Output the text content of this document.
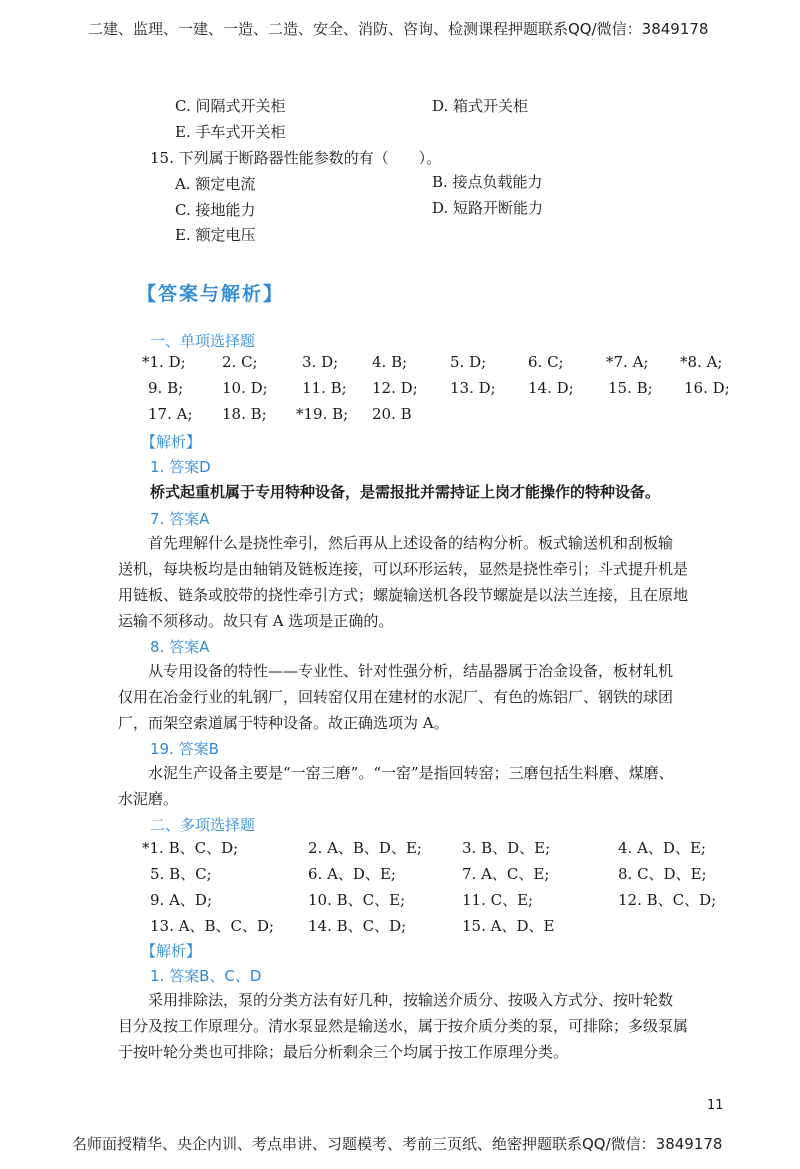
二建、监理、一建、一造、二造、安全、消防、咨询、检测课程押题联系QQ/微信：3849178
C. 间隔式开关柜	D. 箱式开关柜
E. 手车式开关柜
15. 下列属于断路器性能参数的有（　　）。
A. 额定电流	B. 接点负载能力
C. 接地能力	D. 短路开断能力
E. 额定电压
【答案与解析】
一、单项选择题
*1. D; 2. C;	3. D; 4. B;	5. D;	6. C;	*7. A; *8. A;
9. B;	10. D; 11. B; 12. D; 13. D; 14. D; 15. B; 16. D;
17. A; 18. B; *19. B; 20. B
【解析】
1. 答案D
桥式起重机属于专用特种设备，是需报批并需持证上岗才能操作的特种设备。
7. 答案A
首先理解什么是挠性牵引，然后再从上述设备的结构分析。板式输送机和刮板输
送机，每块板均是由轴销及链板连接，可以环形运转，显然是挠性牵引；斗式提升机是
用链板、链条或胶带的挠性牵引方式；螺旋输送机各段节螺旋是以法兰连接，且在原地
运输不须移动。故只有 A 选项是正确的。
8. 答案A
从专用设备的特性——专业性、针对性强分析，结晶器属于冶金设备，板材轧机
仅用在冶金行业的轧钢厂，回转窑仅用在建材的水泥厂、有色的炼铝厂、钢铁的球团
厂，而架空索道属于特种设备。故正确选项为 A。
19. 答案B
水泥生产设备主要是“一窑三磨”。“一窑”是指回转窑；三磨包括生料磨、煤磨、
水泥磨。
二、多项选择题
*1. B、C、D;	2. A、B、D、E;	3. B、D、E;	4. A、D、E;
5. B、C;	6. A、D、E;	7. A、C、E;	8. C、D、E;
9. A、D;	10. B、C、E;	11. C、E;	12. B、C、D;
13. A、B、C、D; 14. B、C、D;	15. A、D、E
【解析】
1. 答案B、C、D
采用排除法，泵的分类方法有好几种，按输送介质分、按吸入方式分、按叶轮数
目分及按工作原理分。清水泵显然是输送水，属于按介质分类的泵，可排除；多级泵属
于按叶轮分类也可排除；最后分析剩余三个均属于按工作原理分类。
11
名师面授精华、央企内训、考点串讲、习题模考、考前三页纸、绝密押题联系QQ/微信：3849178
